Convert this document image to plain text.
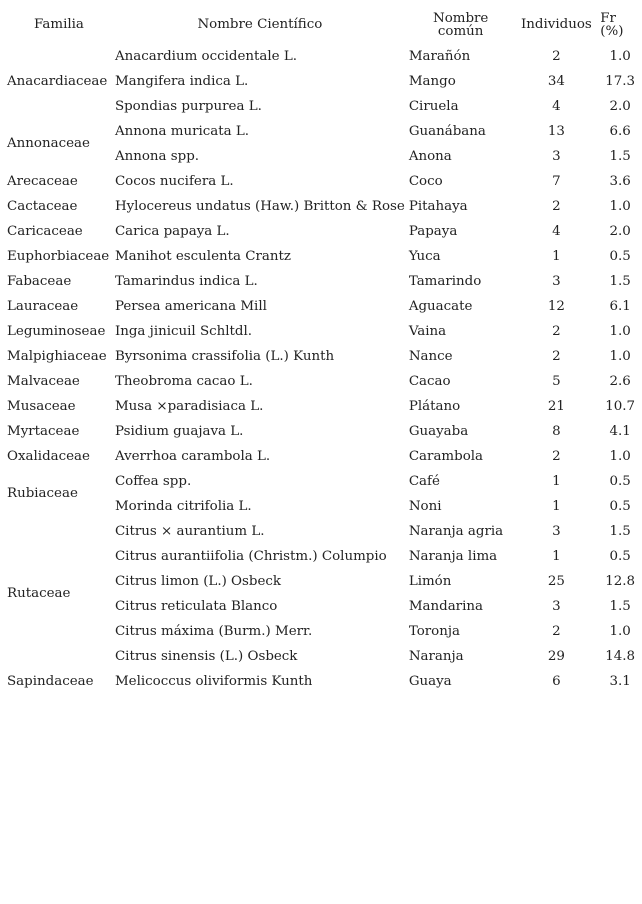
Familia	Nombre Científico	Nombre
común	Individuos	Fr (%)
Anacardiaceae	Anacardium occidentale L.	Marañón	2	1.0
	Mangifera indica L.	Mango	34	17.3
	Spondias purpurea L.	Ciruela	4	2.0
Annonaceae	Annona muricata L.	Guanábana	13	6.6
	Annona spp.	Anona	3	1.5
Arecaceae	Cocos nucifera L.	Coco	7	3.6
Cactaceae	Hylocereus undatus (Haw.) Britton & Rose	Pitahaya	2	1.0
Caricaceae	Carica papaya L.	Papaya	4	2.0
Euphorbiaceae	Manihot esculenta Crantz	Yuca	1	0.5
Fabaceae	Tamarindus indica L.	Tamarindo	3	1.5
Lauraceae	Persea americana Mill	Aguacate	12	6.1
Leguminoseae	Inga jinicuil Schltdl.	Vaina	2	1.0
Malpighiaceae	Byrsonima crassifolia (L.) Kunth	Nance	2	1.0
Malvaceae	Theobroma cacao L.	Cacao	5	2.6
Musaceae	Musa ×paradisiaca L.	Plátano	21	10.7
Myrtaceae	Psidium guajava L.	Guayaba	8	4.1
Oxalidaceae	Averrhoa carambola L.	Carambola	2	1.0
Rubiaceae	Coffea spp.	Café	1	0.5
	Morinda citrifolia L.	Noni	1	0.5
Rutaceae	Citrus × aurantium L.	Naranja agria	3	1.5
	Citrus aurantiifolia (Christm.) Columpio	Naranja lima	1	0.5
	Citrus limon (L.) Osbeck	Limón	25	12.8
	Citrus reticulata Blanco	Mandarina	3	1.5
	Citrus máxima (Burm.) Merr.	Toronja	2	1.0
	Citrus sinensis (L.) Osbeck	Naranja	29	14.8
Sapindaceae	Melicoccus oliviformis Kunth	Guaya	6	3.1
